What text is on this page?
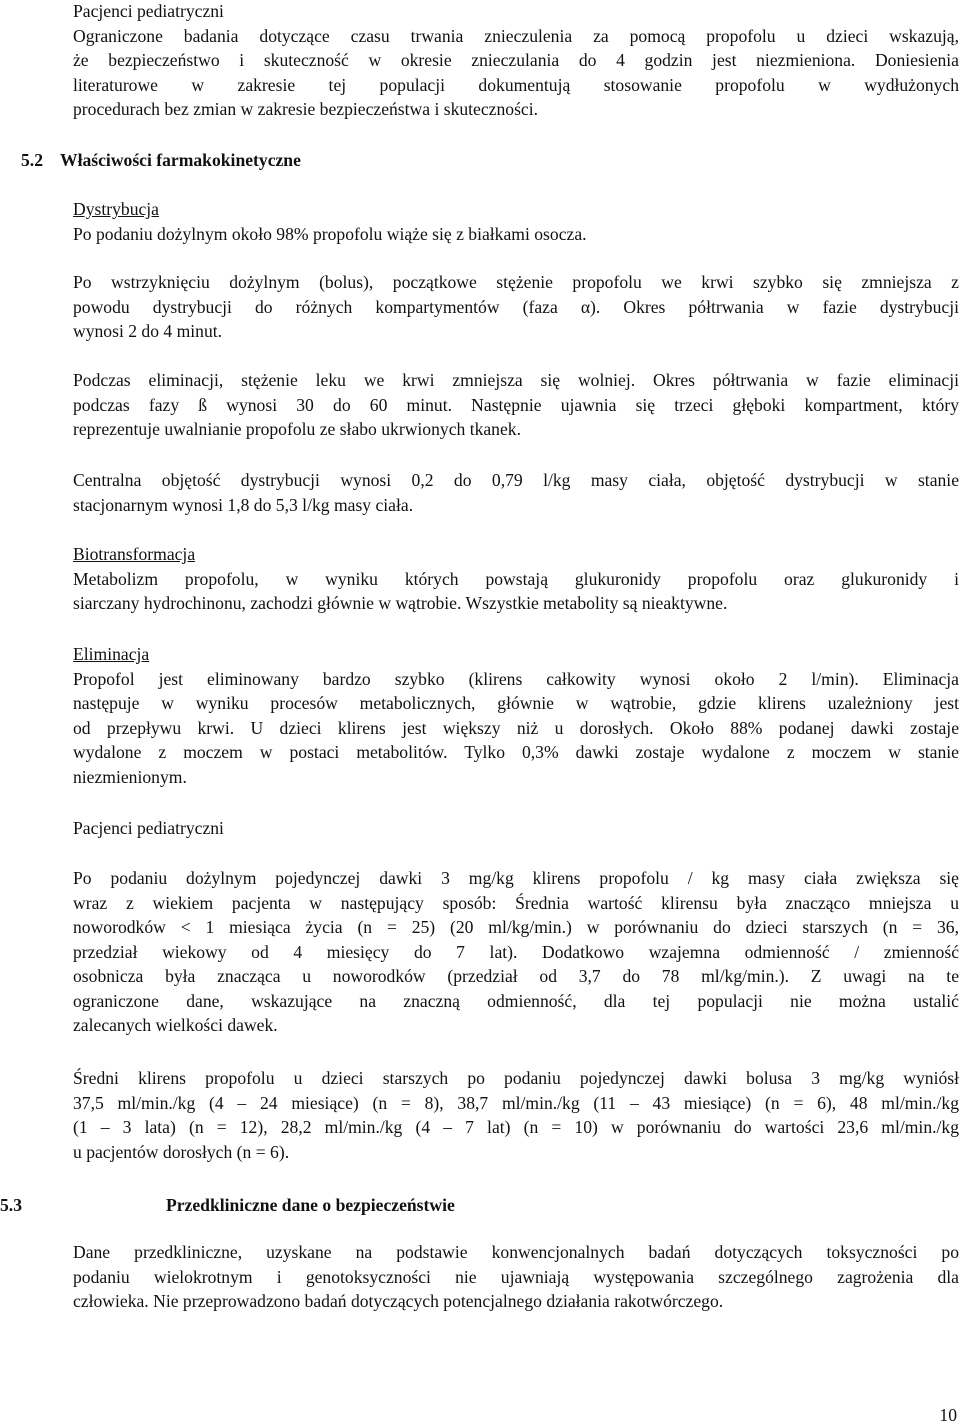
Pacjenci pediatryczni
Ograniczone badania dotyczące czasu trwania znieczulenia za pomocą propofolu u dzieci wskazują,
że bezpieczeństwo i skuteczność w okresie znieczulania do 4 godzin jest niezmieniona. Doniesienia
literaturowe w zakresie tej populacji dokumentują stosowanie propofolu w wydłużonych
procedurach bez zmian w zakresie bezpieczeństwa i skuteczności.
5.2 Właściwości farmakokinetyczne
Dystrybucja
Po podaniu dożylnym około 98% propofolu wiąże się z białkami osocza.
Po wstrzyknięciu dożylnym (bolus), początkowe stężenie propofolu we krwi szybko się zmniejsza z
powodu dystrybucji do różnych kompartymentów (faza α). Okres półtrwania w fazie dystrybucji
wynosi 2 do 4 minut.
Podczas eliminacji, stężenie leku we krwi zmniejsza się wolniej. Okres półtrwania w fazie eliminacji
podczas fazy ß wynosi 30 do 60 minut. Następnie ujawnia się trzeci głęboki kompartment, który
reprezentuje uwalnianie propofolu ze słabo ukrwionych tkanek.
Centralna objętość dystrybucji wynosi 0,2 do 0,79 l/kg masy ciała, objętość dystrybucji w stanie
stacjonarnym wynosi 1,8 do 5,3 l/kg masy ciała.
Biotransformacja
Metabolizm propofolu, w wyniku których powstają glukuronidy propofolu oraz glukuronidy i
siarczany hydrochinonu, zachodzi głównie w wątrobie. Wszystkie metabolity są nieaktywne.
Eliminacja
Propofol jest eliminowany bardzo szybko (klirens całkowity wynosi około 2 l/min). Eliminacja
następuje w wyniku procesów metabolicznych, głównie w wątrobie, gdzie klirens uzależniony jest
od przepływu krwi. U dzieci klirens jest większy niż u dorosłych. Około 88% podanej dawki zostaje
wydalone z moczem w postaci metabolitów. Tylko 0,3% dawki zostaje wydalone z moczem w stanie
niezmienionym.
Pacjenci pediatryczni
Po podaniu dożylnym pojedynczej dawki 3 mg/kg klirens propofolu / kg masy ciała zwiększa się
wraz z wiekiem pacjenta w następujący sposób: Średnia wartość klirensu była znacząco mniejsza u
noworodków < 1 miesiąca życia (n = 25) (20 ml/kg/min.) w porównaniu do dzieci starszych (n = 36,
przedział wiekowy od 4 miesięcy do 7 lat). Dodatkowo wzajemna odmienność / zmienność
osobnicza była znacząca u noworodków (przedział od 3,7 do 78 ml/kg/min.). Z uwagi na te
ograniczone dane, wskazujące na znaczną odmienność, dla tej populacji nie można ustalić
zalecanych wielkości dawek.
Średni klirens propofolu u dzieci starszych po podaniu pojedynczej dawki bolusa 3 mg/kg wyniósł
37,5 ml/min./kg (4 – 24 miesiące) (n = 8), 38,7 ml/min./kg (11 – 43 miesiące) (n = 6), 48 ml/min./kg
(1 – 3 lata) (n = 12), 28,2 ml/min./kg (4 – 7 lat) (n = 10) w porównaniu do wartości 23,6 ml/min./kg
u pacjentów dorosłych (n = 6).
5.3	Przedkliniczne dane o bezpieczeństwie
Dane przedkliniczne, uzyskane na podstawie konwencjonalnych badań dotyczących toksyczności po
podaniu wielokrotnym i genotoksyczności nie ujawniają występowania szczególnego zagrożenia dla
człowieka. Nie przeprowadzono badań dotyczących potencjalnego działania rakotwórczego.
10
